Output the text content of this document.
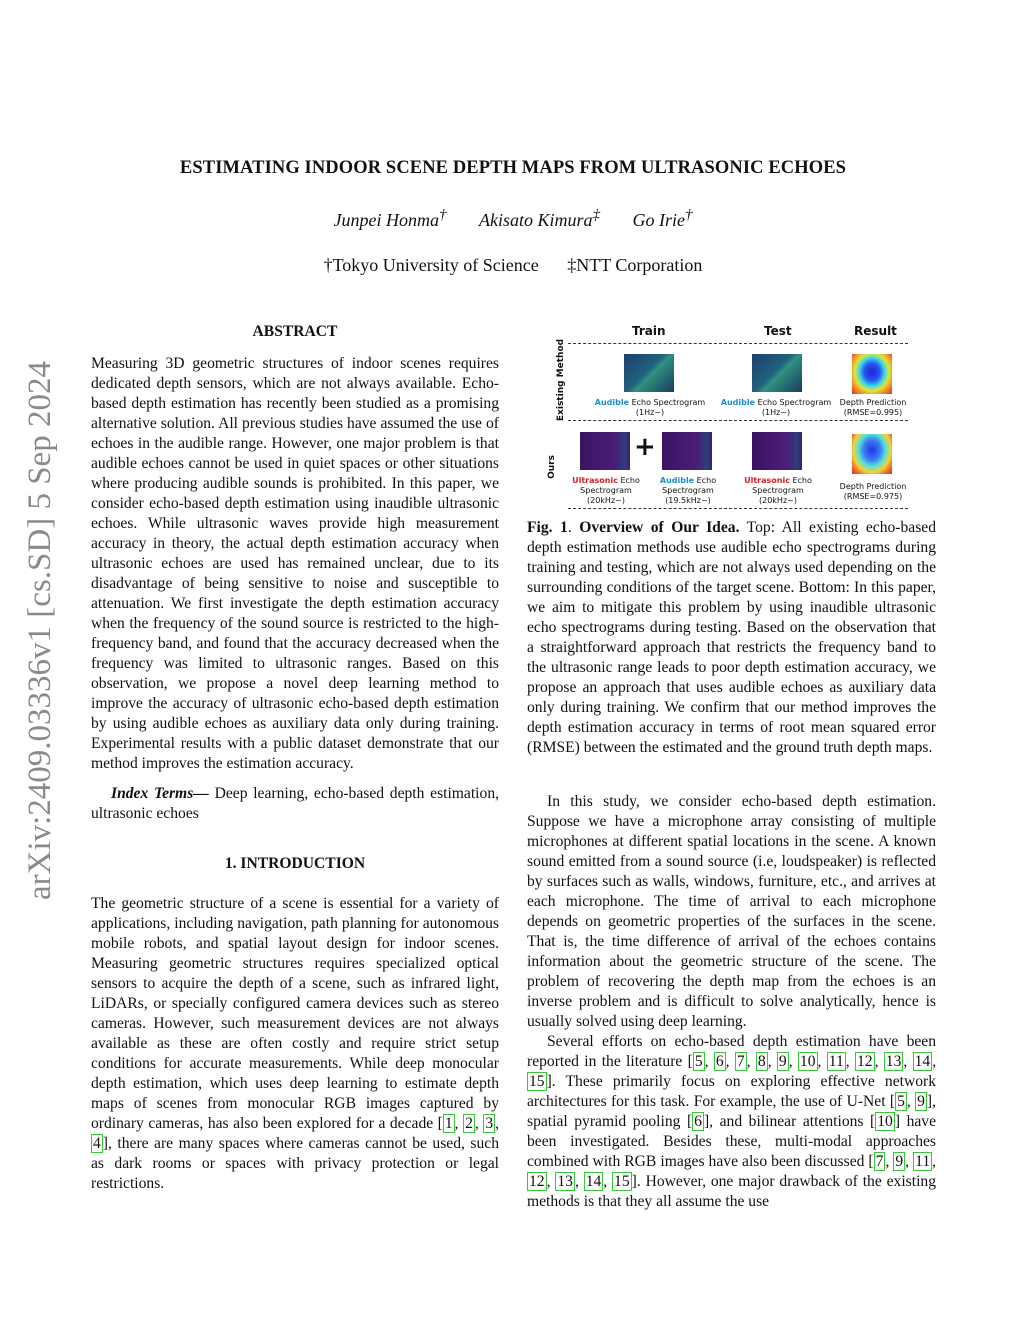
arXiv:2409.03336v1 [cs.SD] 5 Sep 2024
ESTIMATING INDOOR SCENE DEPTH MAPS FROM ULTRASONIC ECHOES
Junpei Honma† Akisato Kimura‡ Go Irie†
†Tokyo University of Science ‡NTT Corporation
ABSTRACT

Measuring 3D geometric structures of indoor scenes requires dedicated depth sensors, which are not always available. Echo-based depth estimation has recently been studied as a promising alternative solution. All previous studies have assumed the use of echoes in the audible range. However, one major problem is that audible echoes cannot be used in quiet spaces or other situations where producing audible sounds is prohibited. In this paper, we consider echo-based depth estimation using inaudible ultrasonic echoes. While ultrasonic waves provide high measurement accuracy in theory, the actual depth estimation accuracy when ultrasonic echoes are used has remained unclear, due to its disadvantage of being sensitive to noise and susceptible to attenuation. We first investigate the depth estimation accuracy when the frequency of the sound source is restricted to the high-frequency band, and found that the accuracy decreased when the frequency was limited to ultrasonic ranges. Based on this observation, we propose a novel deep learning method to improve the accuracy of ultrasonic echo-based depth estimation by using audible echoes as auxiliary data only during training. Experimental results with a public dataset demonstrate that our method improves the estimation accuracy.

Index Terms— Deep learning, echo-based depth estimation, ultrasonic echoes

1. INTRODUCTION

The geometric structure of a scene is essential for a variety of applications, including navigation, path planning for autonomous mobile robots, and spatial layout design for indoor scenes. Measuring geometric structures requires specialized optical sensors to acquire the depth of a scene, such as infrared light, LiDARs, or specially configured camera devices such as stereo cameras. However, such measurement devices are not always available as these are often costly and require strict setup conditions for accurate measurements. While deep monocular depth estimation, which uses deep learning to estimate depth maps of scenes from monocular RGB images captured by ordinary cameras, has also been explored for a decade [ 1 , 2 , 3 , 4 ], there are many spaces where cameras cannot be used, such as dark rooms or spaces with privacy protection or legal restrictions.

Train	Test	Result
Existing Method
Ours
Audible Echo Spectrogram
(1Hz~)
Audible Echo Spectrogram
(1Hz~)
Depth Prediction
(RMSE=0.995)
+
Ultrasonic Echo
Spectrogram
(20kHz~)
Audible Echo
Spectrogram
(19.5kHz~)
Ultrasonic Echo
Spectrogram
(20kHz~)
Depth Prediction
(RMSE=0.975)
Fig. 1. Overview of Our Idea. Top: All existing echo-based depth estimation methods use audible echo spectrograms during training and testing, which are not always used depending on the surrounding conditions of the target scene. Bottom: In this paper, we aim to mitigate this problem by using inaudible ultrasonic echo spectrograms during testing. Based on the observation that a straightforward approach that restricts the frequency band to the ultrasonic range leads to poor depth estimation accuracy, we propose an approach that uses audible echoes as auxiliary data only during training. We confirm that our method improves the depth estimation accuracy in terms of root mean squared error (RMSE) between the estimated and the ground truth depth maps.

In this study, we consider echo-based depth estimation. Suppose we have a microphone array consisting of multiple microphones at different spatial locations in the scene. A known sound emitted from a sound source (i.e, loudspeaker) is reflected by surfaces such as walls, windows, furniture, etc., and arrives at each microphone. The time of arrival to each microphone depends on geometric properties of the surfaces in the scene. That is, the time difference of arrival of the echoes contains information about the geometric structure of the scene. The problem of recovering the depth map from the echoes is an inverse problem and is difficult to solve analytically, hence is usually solved using deep learning.

Several efforts on echo-based depth estimation have been reported in the literature [ 5 , 6 , 7 , 8 , 9 , 10 , 11 , 12 , 13 , 14 , 15 ]. These primarily focus on exploring effective network architectures for this task. For example, the use of U-Net [ 5 , 9 ], spatial pyramid pooling [ 6 ], and bilinear attentions [ 10 ] have been investigated. Besides these, multi-modal approaches combined with RGB images have also been discussed [ 7 , 9 , 11 , 12 , 13 , 14 , 15 ]. However, one major drawback of the existing methods is that they all assume the use
